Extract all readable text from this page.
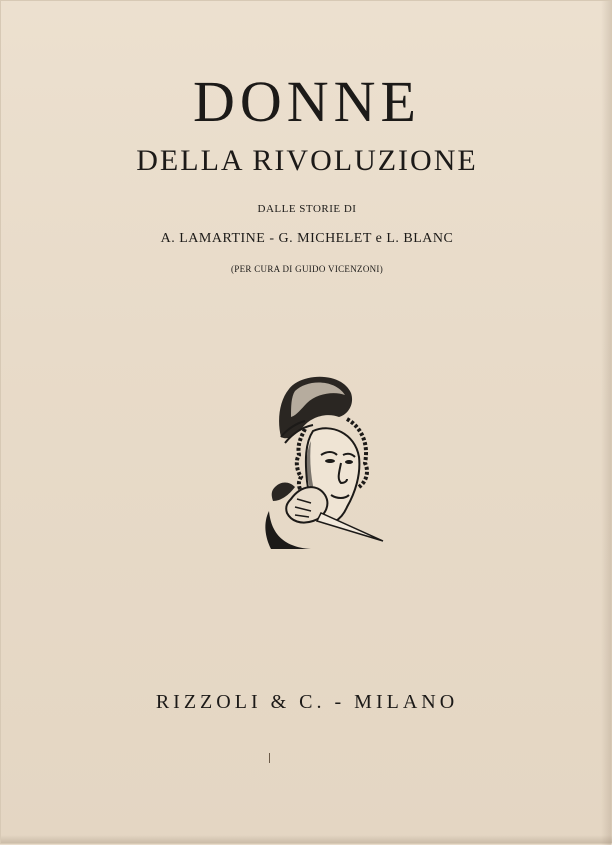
DONNE
DELLA RIVOLUZIONE
DALLE STORIE DI
A. LAMARTINE - G. MICHELET e L. BLANC
(PER CURA DI GUIDO VICENZONI)
RIZZOLI & C. - MILANO
